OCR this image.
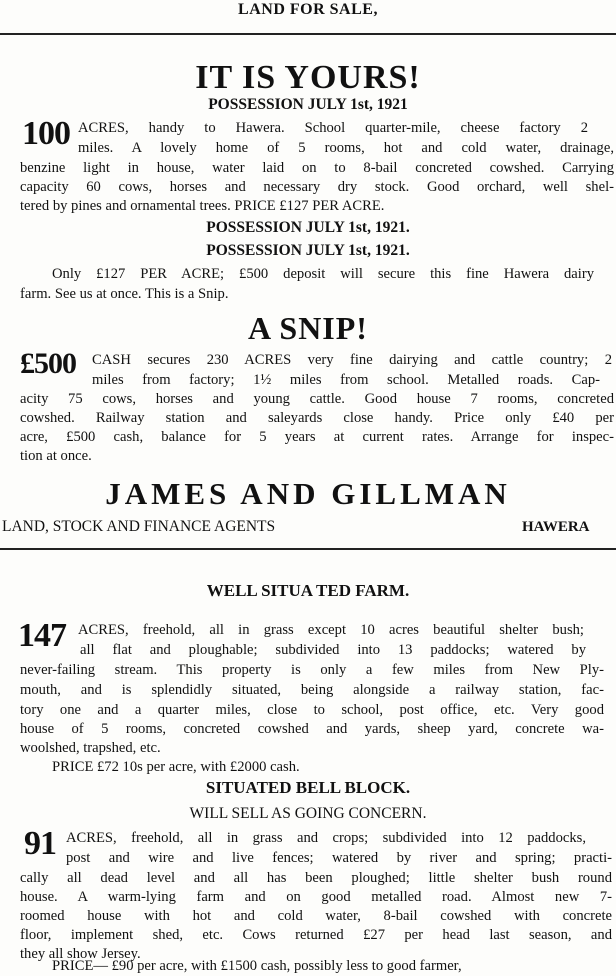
LAND FOR SALE,
IT IS YOURS!
POSSESSION JULY 1st, 1921
100 ACRES, handy to Hawera. School quarter-mile, cheese factory 2
miles. A lovely home of 5 rooms, hot and cold water, drainage,
benzine light in house, water laid on to 8-bail concreted cowshed. Carrying
capacity 60 cows, horses and necessary dry stock. Good orchard, well shel-
tered by pines and ornamental trees. PRICE £127 PER ACRE.
POSSESSION JULY 1st, 1921.
POSSESSION JULY 1st, 1921.
Only £127 PER ACRE; £500 deposit will secure this fine Hawera dairy
farm. See us at once. This is a Snip.
A SNIP!
£500 CASH secures 230 ACRES very fine dairying and cattle country; 2
miles from factory; 1½ miles from school. Metalled roads. Cap-
acity 75 cows, horses and young cattle. Good house 7 rooms, concreted
cowshed. Railway station and saleyards close handy. Price only £40 per
acre, £500 cash, balance for 5 years at current rates. Arrange for inspec-
tion at once.
JAMES AND GILLMAN
LAND, STOCK AND FINANCE AGENTS	HAWERA
WELL SITUA TED FARM.
147 ACRES, freehold, all in grass except 10 acres beautiful shelter bush;
all flat and ploughable; subdivided into 13 paddocks; watered by
never-failing stream. This property is only a few miles from New Ply-
mouth, and is splendidly situated, being alongside a railway station, fac-
tory one and a quarter miles, close to school, post office, etc. Very good
house of 5 rooms, concreted cowshed and yards, sheep yard, concrete wa-
woolshed, trapshed, etc.
PRICE £72 10s per acre, with £2000 cash.
SITUATED BELL BLOCK.
WILL SELL AS GOING CONCERN.
91 ACRES, freehold, all in grass and crops; subdivided into 12 paddocks,
post and wire and live fences; watered by river and spring; practi-
cally all dead level and all has been ploughed; little shelter bush round
house. A warm-lying farm and on good metalled road. Almost new 7-
roomed house with hot and cold water, 8-bail cowshed with concrete
floor, implement shed, etc. Cows returned £27 per head last season, and
they all show Jersey.
PRICE— £90 per acre, with £1500 cash, possibly less to good farmer,
